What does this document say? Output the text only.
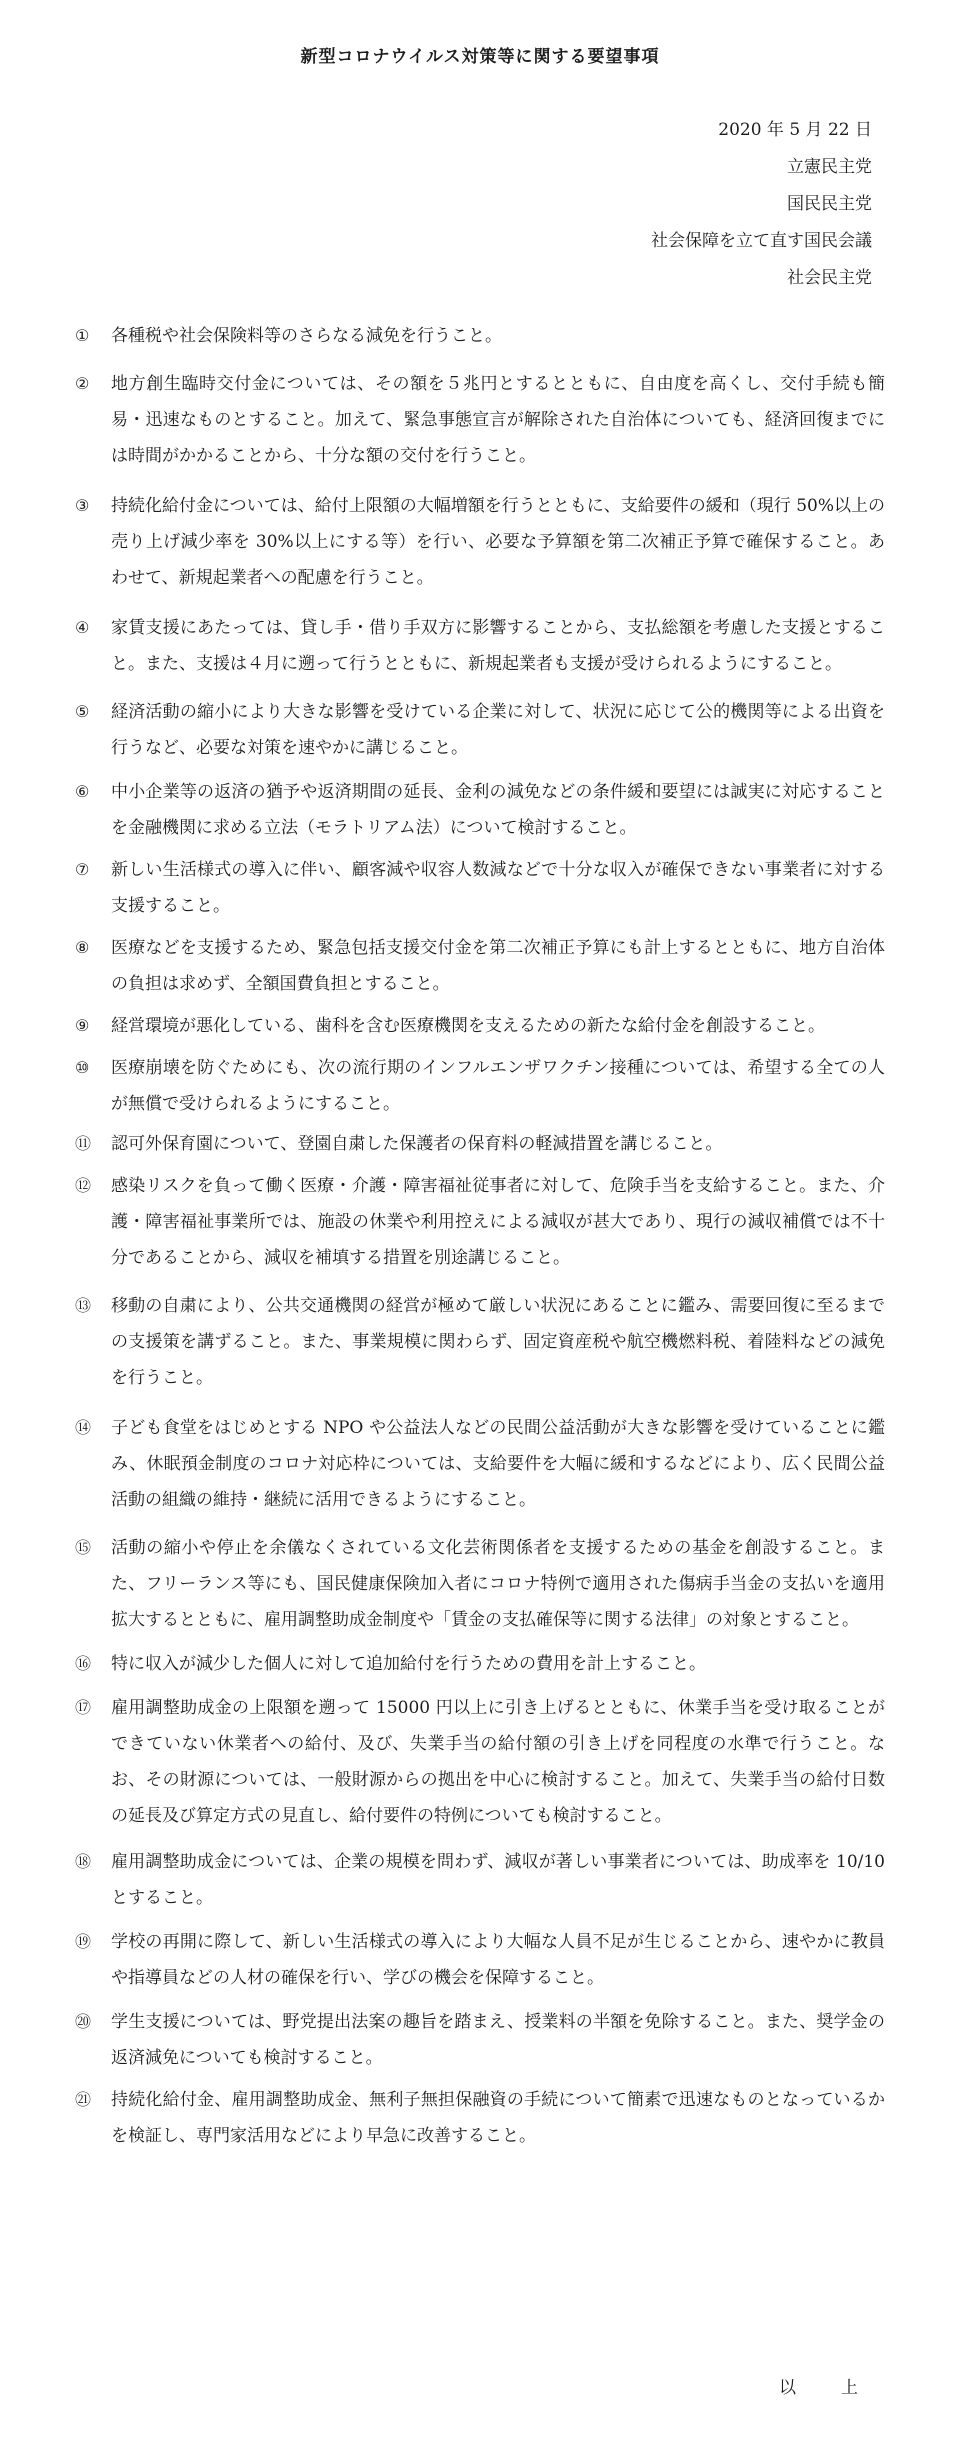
新型コロナウイルス対策等に関する要望事項
2020 年 5 月 22 日
立憲民主党
国民民主党
社会保障を立て直す国民会議
社会民主党
①	各種税や社会保険料等のさらなる減免を行うこと。

②	地方創生臨時交付金については、その額を５兆円とするとともに、自由度を高くし、交付手続も簡易・迅速なものとすること。加えて、緊急事態宣言が解除された自治体についても、経済回復までには時間がかかることから、十分な額の交付を行うこと。

③	持続化給付金については、給付上限額の大幅増額を行うとともに、支給要件の緩和（現行 50%以上の売り上げ減少率を 30%以上にする等）を行い、必要な予算額を第二次補正予算で確保すること。あわせて、新規起業者への配慮を行うこと。

④	家賃支援にあたっては、貸し手・借り手双方に影響することから、支払総額を考慮した支援とすること。また、支援は４月に遡って行うとともに、新規起業者も支援が受けられるようにすること。

⑤	経済活動の縮小により大きな影響を受けている企業に対して、状況に応じて公的機関等による出資を行うなど、必要な対策を速やかに講じること。

⑥	中小企業等の返済の猶予や返済期間の延長、金利の減免などの条件緩和要望には誠実に対応することを金融機関に求める立法（モラトリアム法）について検討すること。

⑦	新しい生活様式の導入に伴い、顧客減や収容人数減などで十分な収入が確保できない事業者に対する支援すること。

⑧	医療などを支援するため、緊急包括支援交付金を第二次補正予算にも計上するとともに、地方自治体の負担は求めず、全額国費負担とすること。

⑨	経営環境が悪化している、歯科を含む医療機関を支えるための新たな給付金を創設すること。

⑩	医療崩壊を防ぐためにも、次の流行期のインフルエンザワクチン接種については、希望する全ての人が無償で受けられるようにすること。

⑪	認可外保育園について、登園自粛した保護者の保育料の軽減措置を講じること。

⑫	感染リスクを負って働く医療・介護・障害福祉従事者に対して、危険手当を支給すること。また、介護・障害福祉事業所では、施設の休業や利用控えによる減収が甚大であり、現行の減収補償では不十分であることから、減収を補填する措置を別途講じること。

⑬	移動の自粛により、公共交通機関の経営が極めて厳しい状況にあることに鑑み、需要回復に至るまでの支援策を講ずること。また、事業規模に関わらず、固定資産税や航空機燃料税、着陸料などの減免を行うこと。

⑭	子ども食堂をはじめとする NPO や公益法人などの民間公益活動が大きな影響を受けていることに鑑み、休眠預金制度のコロナ対応枠については、支給要件を大幅に緩和するなどにより、広く民間公益活動の組織の維持・継続に活用できるようにすること。

⑮	活動の縮小や停止を余儀なくされている文化芸術関係者を支援するための基金を創設すること。また、フリーランス等にも、国民健康保険加入者にコロナ特例で適用された傷病手当金の支払いを適用拡大するとともに、雇用調整助成金制度や「賃金の支払確保等に関する法律」の対象とすること。

⑯	特に収入が減少した個人に対して追加給付を行うための費用を計上すること。

⑰	雇用調整助成金の上限額を遡って 15000 円以上に引き上げるとともに、休業手当を受け取ることができていない休業者への給付、及び、失業手当の給付額の引き上げを同程度の水準で行うこと。なお、その財源については、一般財源からの拠出を中心に検討すること。加えて、失業手当の給付日数の延長及び算定方式の見直し、給付要件の特例についても検討すること。

⑱	雇用調整助成金については、企業の規模を問わず、減収が著しい事業者については、助成率を 10/10 とすること。

⑲	学校の再開に際して、新しい生活様式の導入により大幅な人員不足が生じることから、速やかに教員や指導員などの人材の確保を行い、学びの機会を保障すること。

⑳	学生支援については、野党提出法案の趣旨を踏まえ、授業料の半額を免除すること。また、奨学金の返済減免についても検討すること。

㉑	持続化給付金、雇用調整助成金、無利子無担保融資の手続について簡素で迅速なものとなっているかを検証し、専門家活用などにより早急に改善すること。

以　上
